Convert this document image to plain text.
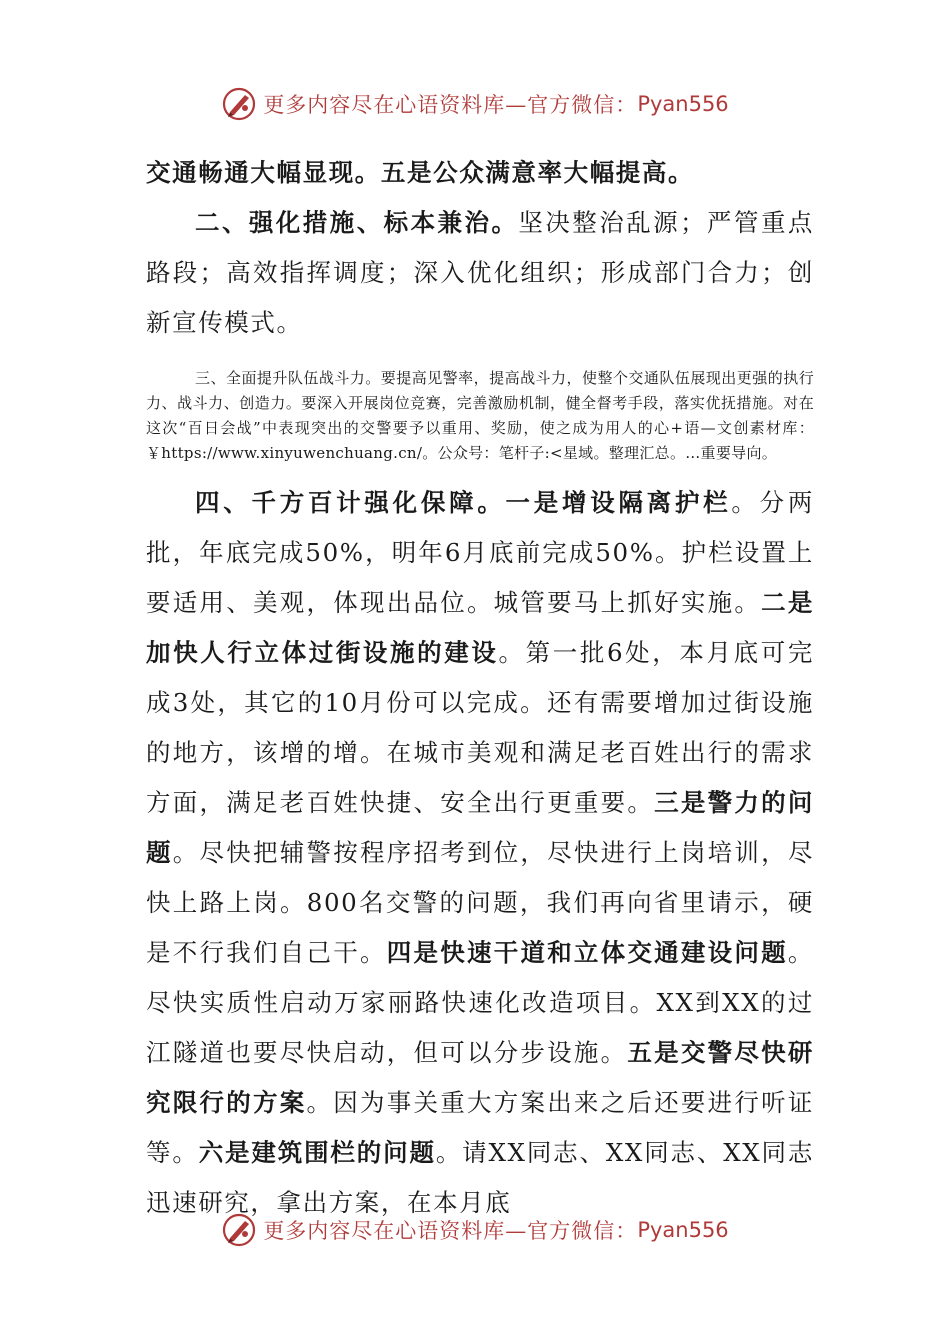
更多内容尽在心语资料库—官方微信： Pyan556

交通畅通大幅显现。五是公众满意率大幅提高。

二、强化措施、标本兼治。坚决整治乱源；严管重点路段；高效指挥调度；深入优化组织；形成部门合力；创新宣传模式。

三、全面提升队伍战斗力。要提高见警率，提高战斗力，使整个交通队伍展现出更强的执行力、战斗力、创造力。要深入开展岗位竞赛，完善激励机制，健全督考手段，落实优抚措施。对在这次“百日会战”中表现突出的交警要予以重用、奖励，使之成为用人的心+语—文创素材库：￥https://www.xinyuwenchuang.cn/。公众号：笔杆子:<星域。整理汇总。…重要导向。

四、千方百计强化保障。一是增设隔离护栏。分两批，年底完成50%，明年6月底前完成50%。护栏设置上要适用、美观，体现出品位。城管要马上抓好实施。二是加快人行立体过街设施的建设。第一批6处，本月底可完成3处，其它的10月份可以完成。还有需要增加过街设施的地方，该增的增。在城市美观和满足老百姓出行的需求方面，满足老百姓快捷、安全出行更重要。三是警力的问题。尽快把辅警按程序招考到位，尽快进行上岗培训，尽快上路上岗。800名交警的问题，我们再向省里请示，硬是不行我们自己干。四是快速干道和立体交通建设问题。尽快实质性启动万家丽路快速化改造项目。XX到XX的过江隧道也要尽快启动，但可以分步设施。五是交警尽快研究限行的方案。因为事关重大方案出来之后还要进行听证等。六是建筑围栏的问题。请XX同志、XX同志、XX同志迅速研究，拿出方案，在本月底

更多内容尽在心语资料库—官方微信： Pyan556
